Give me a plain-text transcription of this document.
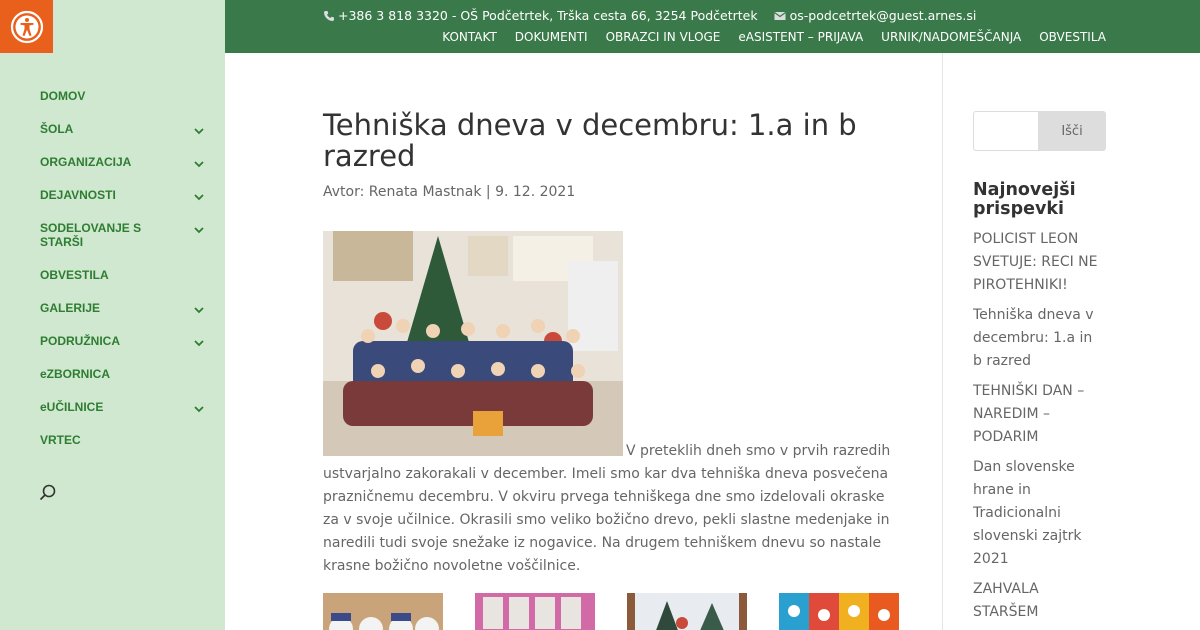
DOMOV
ŠOLA
ORGANIZACIJA
DEJAVNOSTI
SODELOVANJE S STARŠI
OBVESTILA
GALERIJE
PODRUŽNICA
eZBORNICA
eUČILNICE
VRTEC
+386 3 818 3320 - OŠ Podčetrtek, Trška cesta 66, 3254 Podčetrtek	os-podcetrtek@guest.arnes.si
KONTAKT DOKUMENTI OBRAZCI IN VLOGE eASISTENT – PRIJAVA URNIK/NADOMEŠČANJA OBVESTILA
Tehniška dneva v decembru: 1.a in b razred
Avtor: Renata Mastnak | 9. 12. 2021

V preteklih dneh smo v prvih razredih ustvarjalno zakorakali v december. Imeli smo kar dva tehniška dneva posvečena prazničnemu decembru. V okviru prvega tehniškega dne smo izdelovali okraske za v svoje učilnice. Okrasili smo veliko božično drevo, pekli slastne medenjake in naredili tudi svoje snežake iz nogavice. Na drugem tehniškem dnevu so nastale krasne božično novoletne voščilnice.

Išči
Najnovejši prispevki
POLICIST LEON SVETUJE: RECI NE PIROTEHNIKI!
Tehniška dneva v decembru: 1.a in b razred
TEHNIŠKI DAN – NAREDIM – PODARIM
Dan slovenske hrane in Tradicionalni slovenski zajtrk 2021
ZAHVALA STARŠEM
